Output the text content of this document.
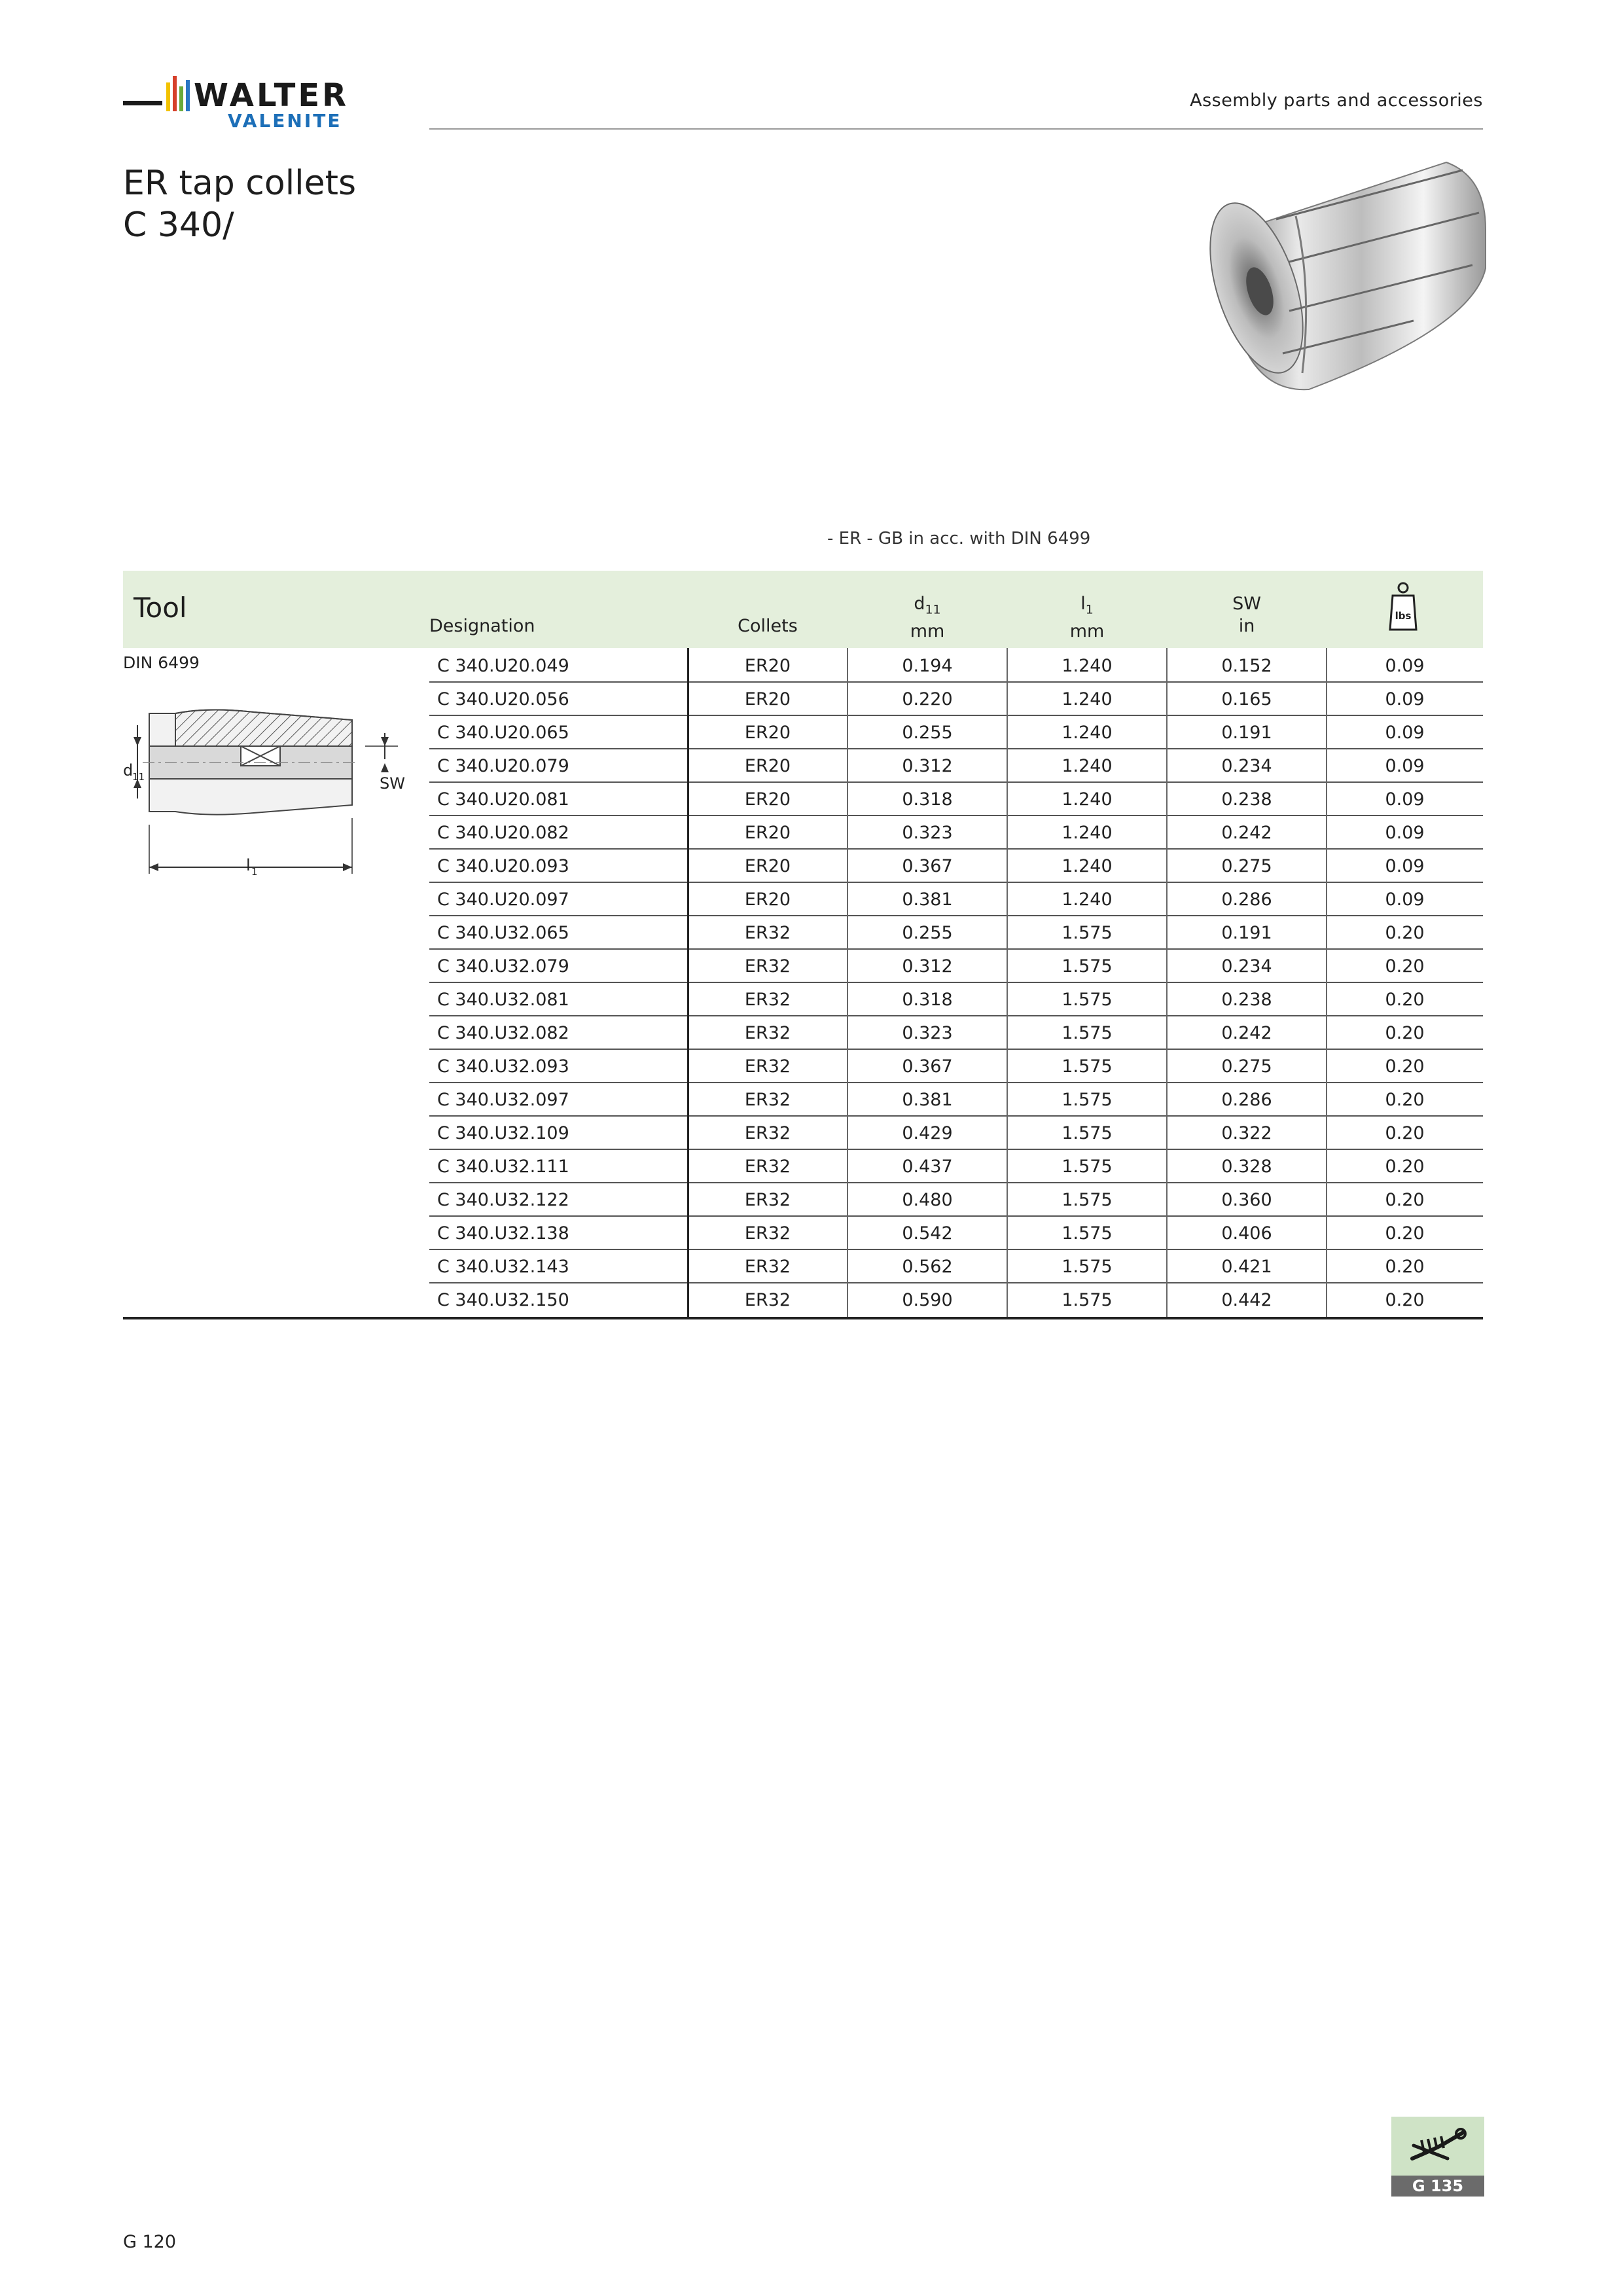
WALTER
VALENITE
Assembly parts and accessories
ER tap collets
C 340/
- ER - GB in acc. with DIN 6499
Tool
Designation	Collets
$d_{11}$
mm
$l_1$
mm
SW
in	lbs
DIN 6499
d
11	SW
l 1
C 340.U20.049	ER20	0.194	1.240	0.152	0.09
C 340.U20.056	ER20	0.220	1.240	0.165	0.09
C 340.U20.065	ER20	0.255	1.240	0.191	0.09
C 340.U20.079	ER20	0.312	1.240	0.234	0.09
C 340.U20.081	ER20	0.318	1.240	0.238	0.09
C 340.U20.082	ER20	0.323	1.240	0.242	0.09
C 340.U20.093	ER20	0.367	1.240	0.275	0.09
C 340.U20.097	ER20	0.381	1.240	0.286	0.09
C 340.U32.065	ER32	0.255	1.575	0.191	0.20
C 340.U32.079	ER32	0.312	1.575	0.234	0.20
C 340.U32.081	ER32	0.318	1.575	0.238	0.20
C 340.U32.082	ER32	0.323	1.575	0.242	0.20
C 340.U32.093	ER32	0.367	1.575	0.275	0.20
C 340.U32.097	ER32	0.381	1.575	0.286	0.20
C 340.U32.109	ER32	0.429	1.575	0.322	0.20
C 340.U32.111	ER32	0.437	1.575	0.328	0.20
C 340.U32.122	ER32	0.480	1.575	0.360	0.20
C 340.U32.138	ER32	0.542	1.575	0.406	0.20
C 340.U32.143	ER32	0.562	1.575	0.421	0.20
C 340.U32.150	ER32	0.590	1.575	0.442	0.20
G 120
G 135
